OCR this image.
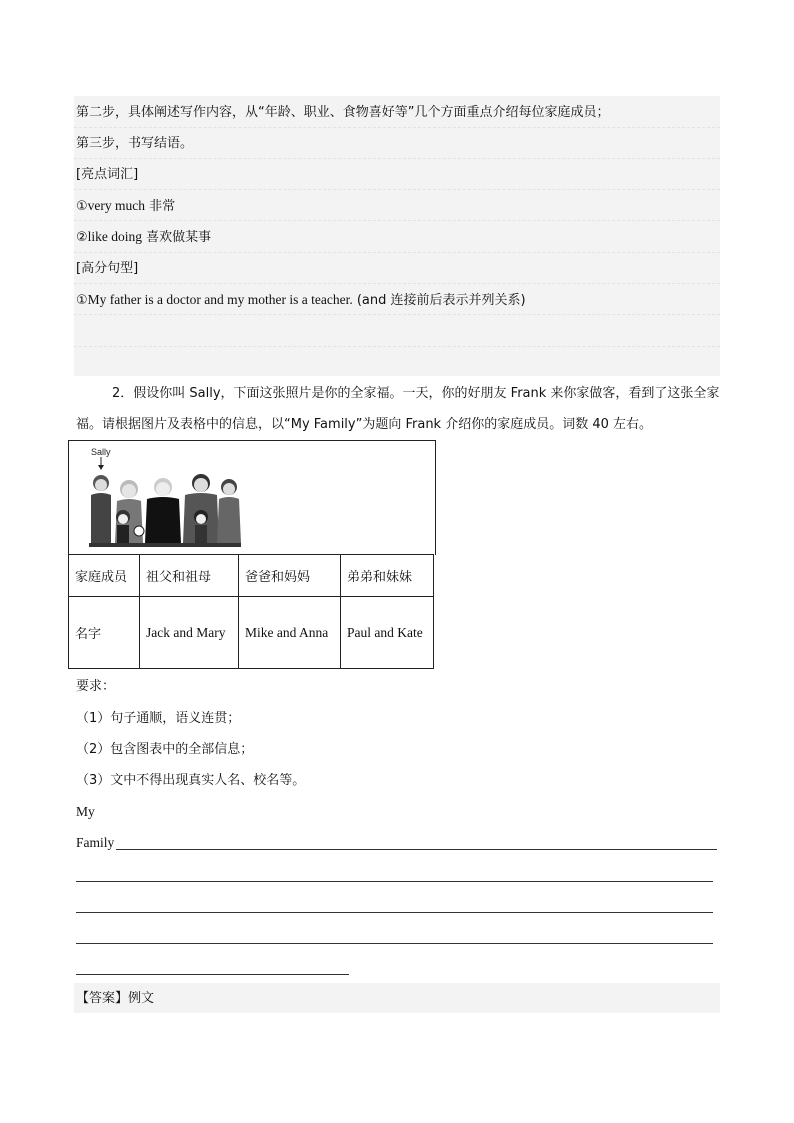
第二步，具体阐述写作内容，从“年龄、职业、食物喜好等”几个方面重点介绍每位家庭成员；
第三步，书写结语。
[亮点词汇]
①very much 非常
②like doing 喜欢做某事
[高分句型]
①My father is a doctor and my mother is a teacher. (and 连接前后表示并列关系)
2．假设你叫 Sally，下面这张照片是你的全家福。一天，你的好朋友 Frank 来你家做客，看到了这张全家福。请根据图片及表格中的信息，以“My Family”为题向 Frank 介绍你的家庭成员。词数 40 左右。
Sally
家庭成员	祖父和祖母	爸爸和妈妈	弟弟和妹妹
名字	Jack and Mary	Mike and Anna	Paul and Kate
要求：
（1）句子通顺，语义连贯；
（2）包含图表中的全部信息；
（3）文中不得出现真实人名、校名等。
My
Family
【答案】例文
